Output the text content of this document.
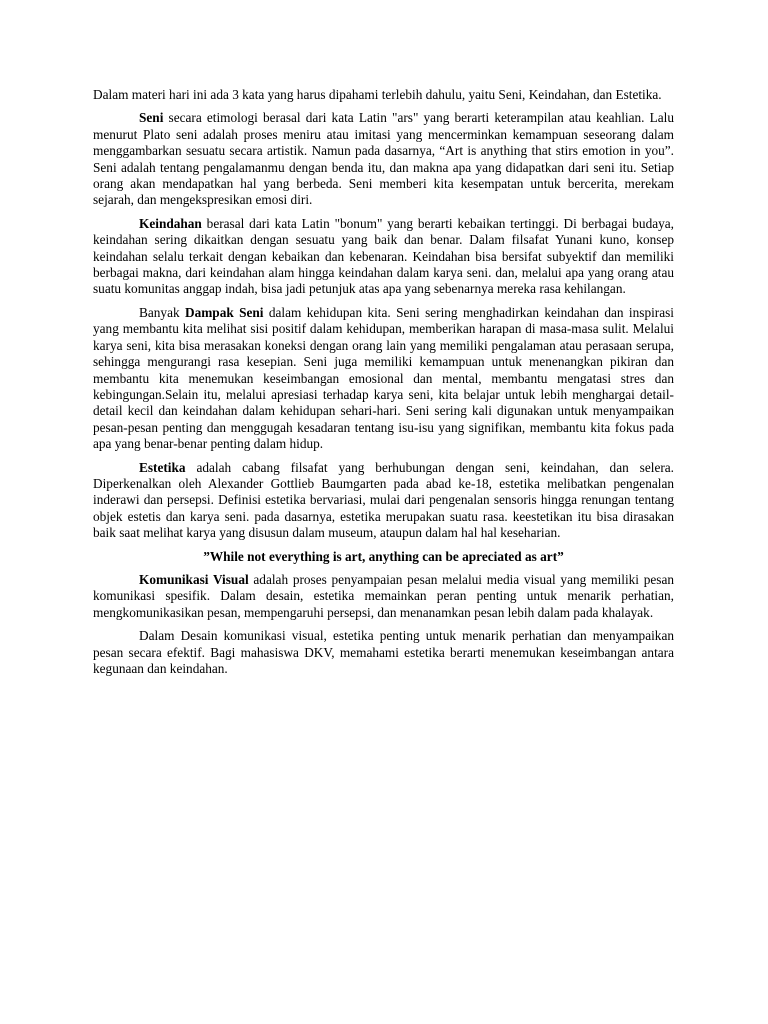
Dalam materi hari ini ada 3 kata yang harus dipahami terlebih dahulu, yaitu Seni, Keindahan, dan Estetika.

Seni secara etimologi berasal dari kata Latin "ars" yang berarti keterampilan atau keahlian. Lalu menurut Plato seni adalah proses meniru atau imitasi yang mencerminkan kemampuan seseorang dalam menggambarkan sesuatu secara artistik. Namun pada dasarnya, “Art is anything that stirs emotion in you”. Seni adalah tentang pengalamanmu dengan benda itu, dan makna apa yang didapatkan dari seni itu. Setiap orang akan mendapatkan hal yang berbeda. Seni memberi kita kesempatan untuk bercerita, merekam sejarah, dan mengekspresikan emosi diri.

Keindahan berasal dari kata Latin "bonum" yang berarti kebaikan tertinggi. Di berbagai budaya, keindahan sering dikaitkan dengan sesuatu yang baik dan benar. Dalam filsafat Yunani kuno, konsep keindahan selalu terkait dengan kebaikan dan kebenaran. Keindahan bisa bersifat subyektif dan memiliki berbagai makna, dari keindahan alam hingga keindahan dalam karya seni. dan, melalui apa yang orang atau suatu komunitas anggap indah, bisa jadi petunjuk atas apa yang sebenarnya mereka rasa kehilangan.

Banyak Dampak Seni dalam kehidupan kita. Seni sering menghadirkan keindahan dan inspirasi yang membantu kita melihat sisi positif dalam kehidupan, memberikan harapan di masa-masa sulit. Melalui karya seni, kita bisa merasakan koneksi dengan orang lain yang memiliki pengalaman atau perasaan serupa, sehingga mengurangi rasa kesepian. Seni juga memiliki kemampuan untuk menenangkan pikiran dan membantu kita menemukan keseimbangan emosional dan mental, membantu mengatasi stres dan kebingungan.Selain itu, melalui apresiasi terhadap karya seni, kita belajar untuk lebih menghargai detail-detail kecil dan keindahan dalam kehidupan sehari-hari. Seni sering kali digunakan untuk menyampaikan pesan-pesan penting dan menggugah kesadaran tentang isu-isu yang signifikan, membantu kita fokus pada apa yang benar-benar penting dalam hidup.

Estetika adalah cabang filsafat yang berhubungan dengan seni, keindahan, dan selera. Diperkenalkan oleh Alexander Gottlieb Baumgarten pada abad ke-18, estetika melibatkan pengenalan inderawi dan persepsi. Definisi estetika bervariasi, mulai dari pengenalan sensoris hingga renungan tentang objek estetis dan karya seni. pada dasarnya, estetika merupakan suatu rasa. keestetikan itu bisa dirasakan baik saat melihat karya yang disusun dalam museum, ataupun dalam hal hal keseharian.

”While not everything is art, anything can be apreciated as art”

Komunikasi Visual adalah proses penyampaian pesan melalui media visual yang memiliki pesan komunikasi spesifik. Dalam desain, estetika memainkan peran penting untuk menarik perhatian, mengkomunikasikan pesan, mempengaruhi persepsi, dan menanamkan pesan lebih dalam pada khalayak.

Dalam Desain komunikasi visual, estetika penting untuk menarik perhatian dan menyampaikan pesan secara efektif. Bagi mahasiswa DKV, memahami estetika berarti menemukan keseimbangan antara kegunaan dan keindahan.
